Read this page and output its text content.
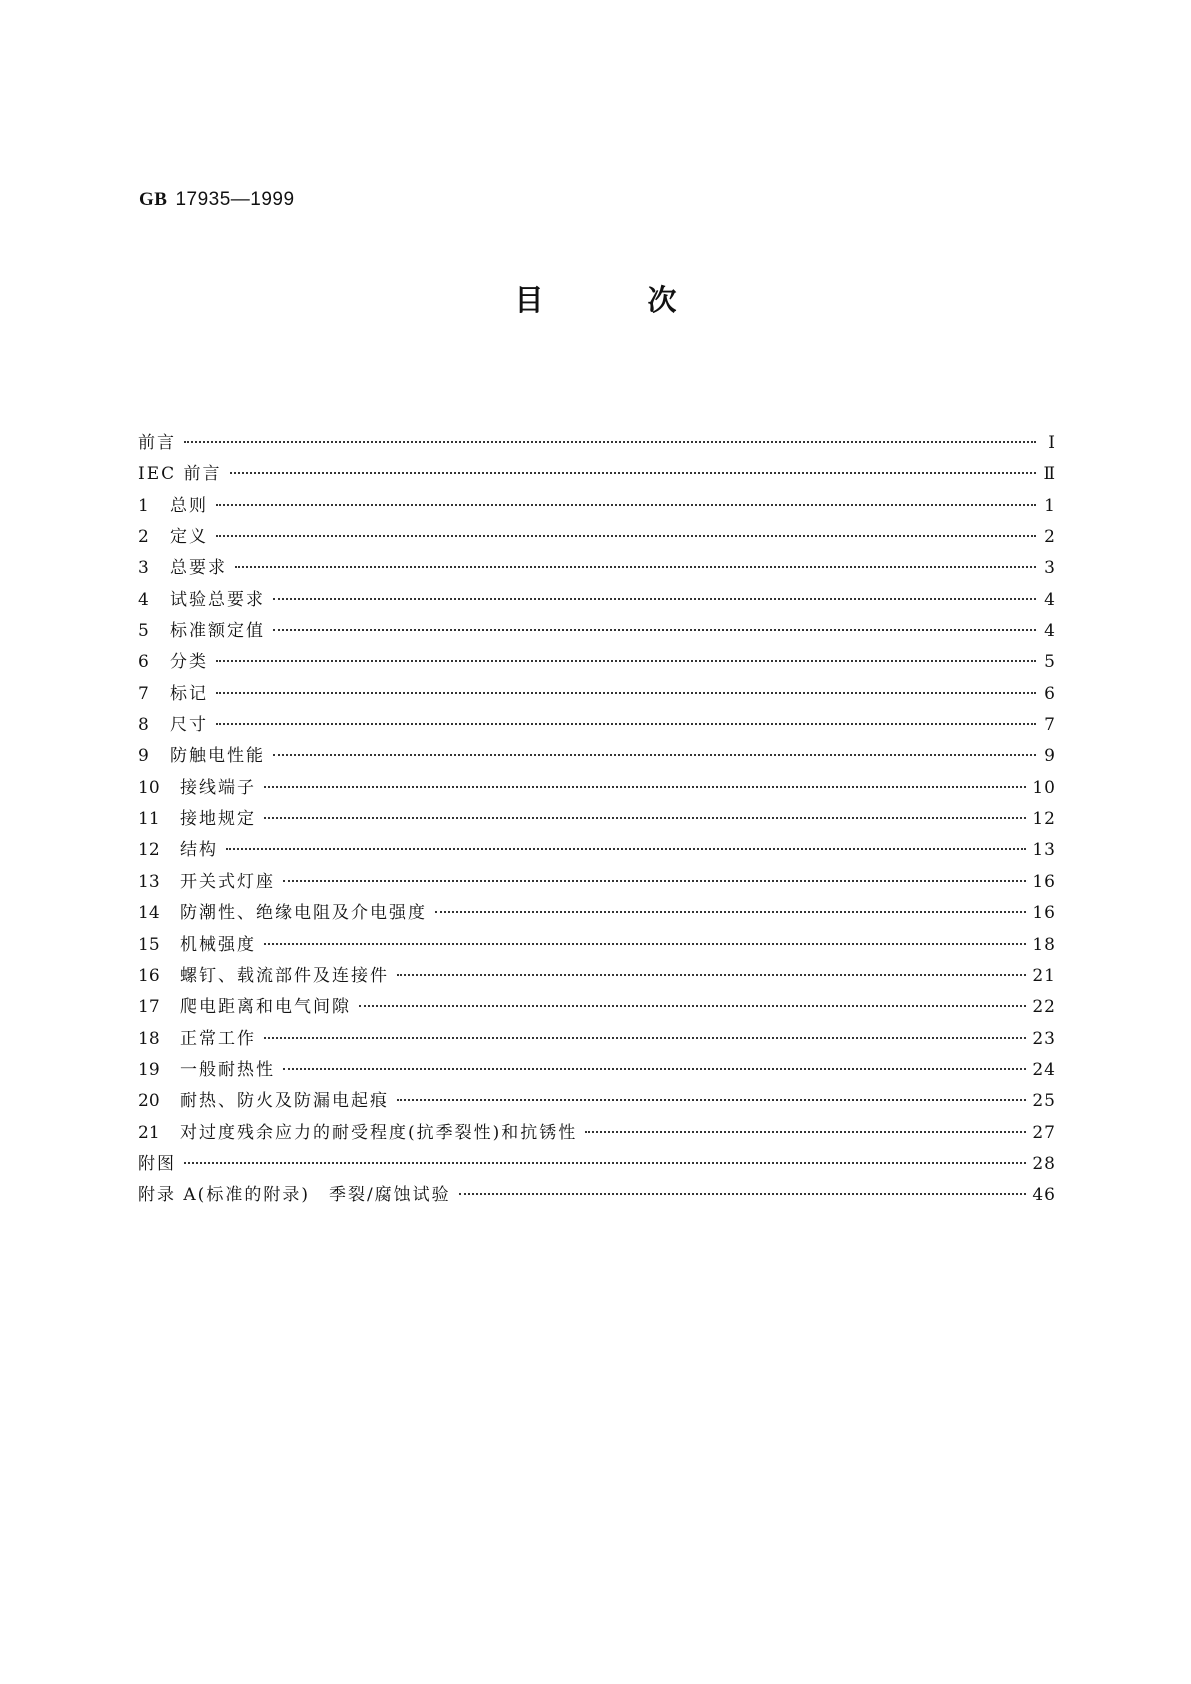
GB 17935—1999
目	次
前言	Ⅰ
IEC 前言	Ⅱ
1	总则	1
2	定义	2
3	总要求	3
4	试验总要求	4
5	标准额定值	4
6	分类	5
7	标记	6
8	尺寸	7
9	防触电性能	9
10	接线端子	10
11	接地规定	12
12	结构	13
13	开关式灯座	16
14	防潮性、绝缘电阻及介电强度	16
15	机械强度	18
16	螺钉、载流部件及连接件	21
17	爬电距离和电气间隙	22
18	正常工作	23
19	一般耐热性	24
20	耐热、防火及防漏电起痕	25
21	对过度残余应力的耐受程度(抗季裂性)和抗锈性	27
附图	28
附录 A(标准的附录)　季裂/腐蚀试验	46
